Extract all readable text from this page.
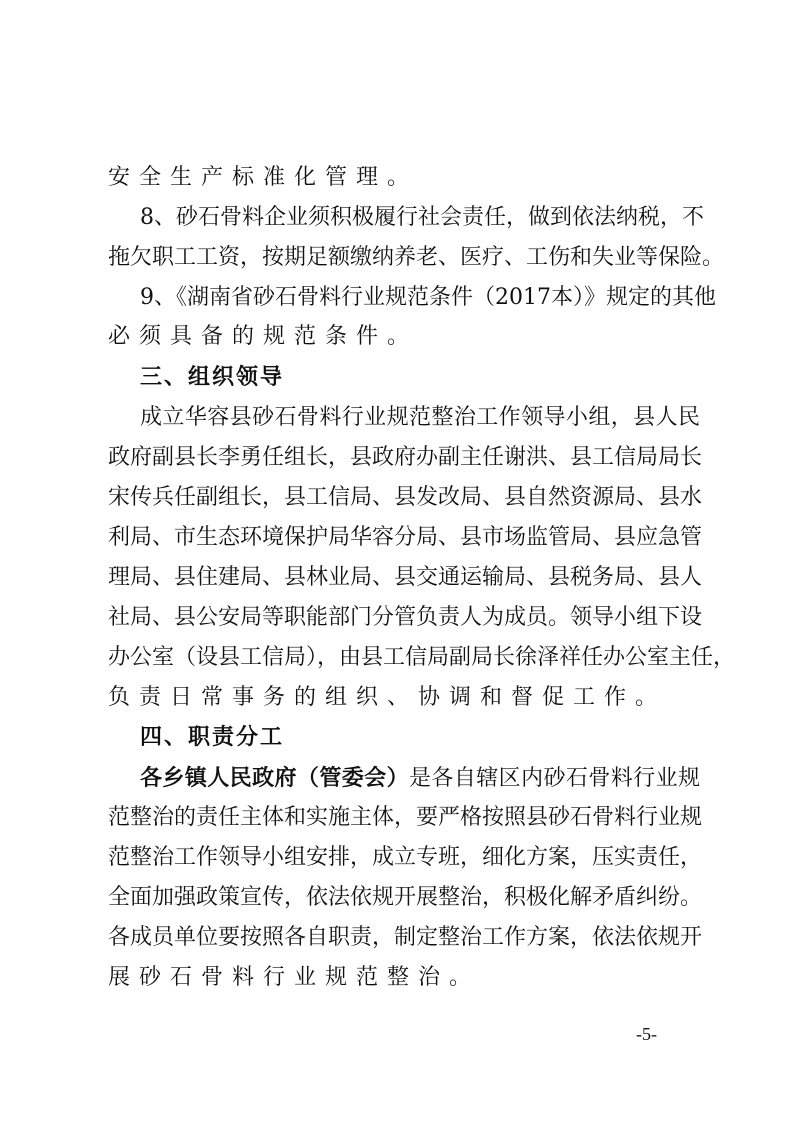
安全生产标准化管理。
8、砂石骨料企业须积极履行社会责任，做到依法纳税，不
拖欠职工工资，按期足额缴纳养老、医疗、工伤和失业等保险。
9、《湖南省砂石骨料行业规范条件（2017本）》规定的其他
必须具备的规范条件。
三、组织领导
成立华容县砂石骨料行业规范整治工作领导小组，县人民
政府副县长李勇任组长，县政府办副主任谢洪、县工信局局长
宋传兵任副组长，县工信局、县发改局、县自然资源局、县水
利局、市生态环境保护局华容分局、县市场监管局、县应急管
理局、县住建局、县林业局、县交通运输局、县税务局、县人
社局、县公安局等职能部门分管负责人为成员。领导小组下设
办公室（设县工信局），由县工信局副局长徐泽祥任办公室主任，
负责日常事务的组织、协调和督促工作。
四、职责分工
各乡镇人民政府（管委会）是各自辖区内砂石骨料行业规
范整治的责任主体和实施主体，要严格按照县砂石骨料行业规
范整治工作领导小组安排，成立专班，细化方案，压实责任，
全面加强政策宣传，依法依规开展整治，积极化解矛盾纠纷。
各成员单位要按照各自职责，制定整治工作方案，依法依规开
展砂石骨料行业规范整治。
-5-
